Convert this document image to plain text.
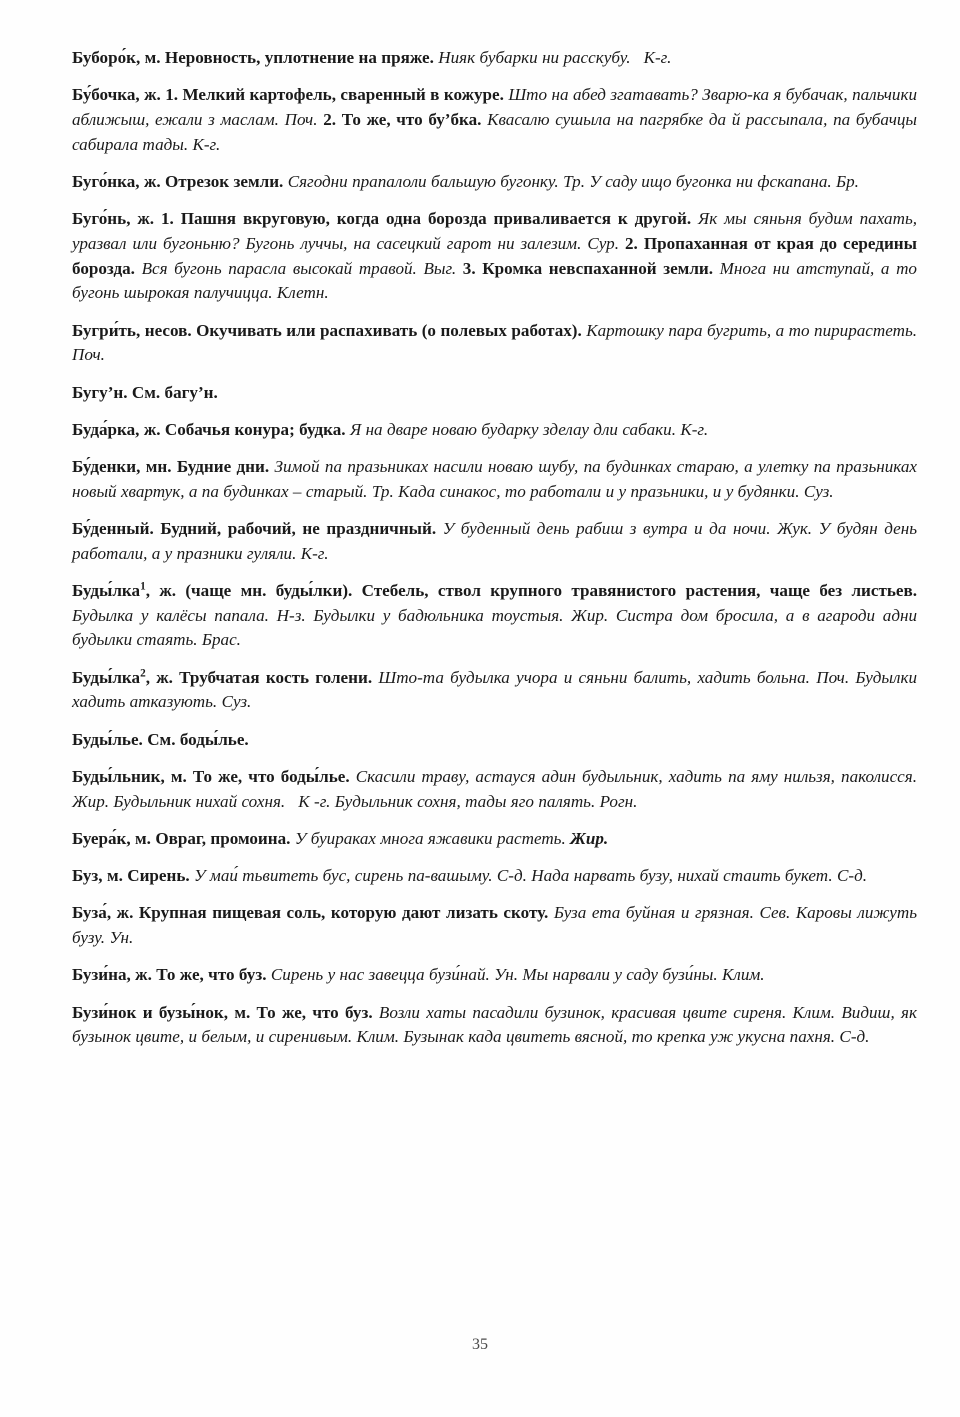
Буборо́к, м. Неровность, уплотнение на пряже. Нияк бубарки ни расскубу. К-г.

Бу́бочка, ж. 1. Мелкий картофель, сваренный в кожуре. Што на абед згатавать? Зварю-ка я бубачак, пальчики аближыш, ежали з маслам. Поч. 2. То же, что бу’бка. Квасалю сушыла на пагрябке да й рассыпала, па бубачцы сабирала тады. К-г.

Буго́нка, ж. Отрезок земли. Сягодни прапалоли бальшую бугонку. Тр. У саду ищо бугонка ни фскапана. Бр.

Буго́нь, ж. 1. Пашня вкруговую, когда одна борозда приваливается к другой. Як мы сяньня будим пахать, уразвал или бугоньню? Бугонь луччы, на сасецкий гарот ни залезим. Сур. 2. Пропаханная от края до середины борозда. Вся бугонь парасла высокай травой. Выг. 3. Кромка невспаханной земли. Многа ни атступай, а то бугонь шырокая палучицца. Клетн.

Бугри́ть, несов. Окучивать или распахивать (о полевых работах). Картошку пара бугрить, а то пирирастеть. Поч.

Бугу’н. См. багу’н.

Буда́рка, ж. Собачья конура; будка. Я на дваре новаю бударку зделау дли сабаки. К-г.

Бу́денки, мн. Будние дни. Зимой па празьниках насили новаю шубу, па будинках стараю, а улетку па празьниках новый хвартук, а па будинках – старый. Тр. Када синакос, то работали и у празьники, и у будянки. Суз.

Бу́денный. Будний, рабочий, не праздничный. У буденный день рабиш з вутра и да ночи. Жук. У будян день работали, а у празники гуляли. К-г.

Буды́лка$^1$, ж. (чаще мн. буды́лки). Стебель, ствол крупного травянистого растения, чаще без листьев. Будылка у калёсы папала. Н-з. Будылки у бадюльника тоустыя. Жир. Систра дом бросила, а в агароди адни будылки стаять. Брас.

Буды́лка$^2$, ж. Трубчатая кость голени. Што-та будылка учора и сяньни балить, хадить больна. Поч. Будылки хадить атказують. Суз.

Буды́лье. См. боды́лье.

Буды́льник, м. То же, что боды́лье. Скасили траву, астауся адин будыльник, хадить па яму нильзя, паколисся. Жир. Будыльник нихай сохня. К -г. Будыльник сохня, тады яго палять. Рогн.

Буера́к, м. Овраг, промоина. У буираках многа яжавики растеть. Жир.

Буз, м. Сирень. У маи́ тьвитеть бус, сирень па-вашыму. С-д. Нада нарвать бузу, нихай стаить букет. С-д.

Буза́, ж. Крупная пищевая соль, которую дают лизать скоту. Буза ета буйная и грязная. Сев. Каровы лижуть бузу. Ун.

Бузи́на, ж. То же, что буз. Сирень у нас завецца бузи́най. Ун. Мы нарвали у саду бузи́ны. Клим.

Бузи́нок и бузы́нок, м. То же, что буз. Возли хаты пасадили бузинок, красивая цвите сиреня. Клим. Видиш, як бузынок цвите, и белым, и сиренивым. Клим. Бузынак када цвитеть вясной, то крепка уж укусна пахня. С-д.

35
